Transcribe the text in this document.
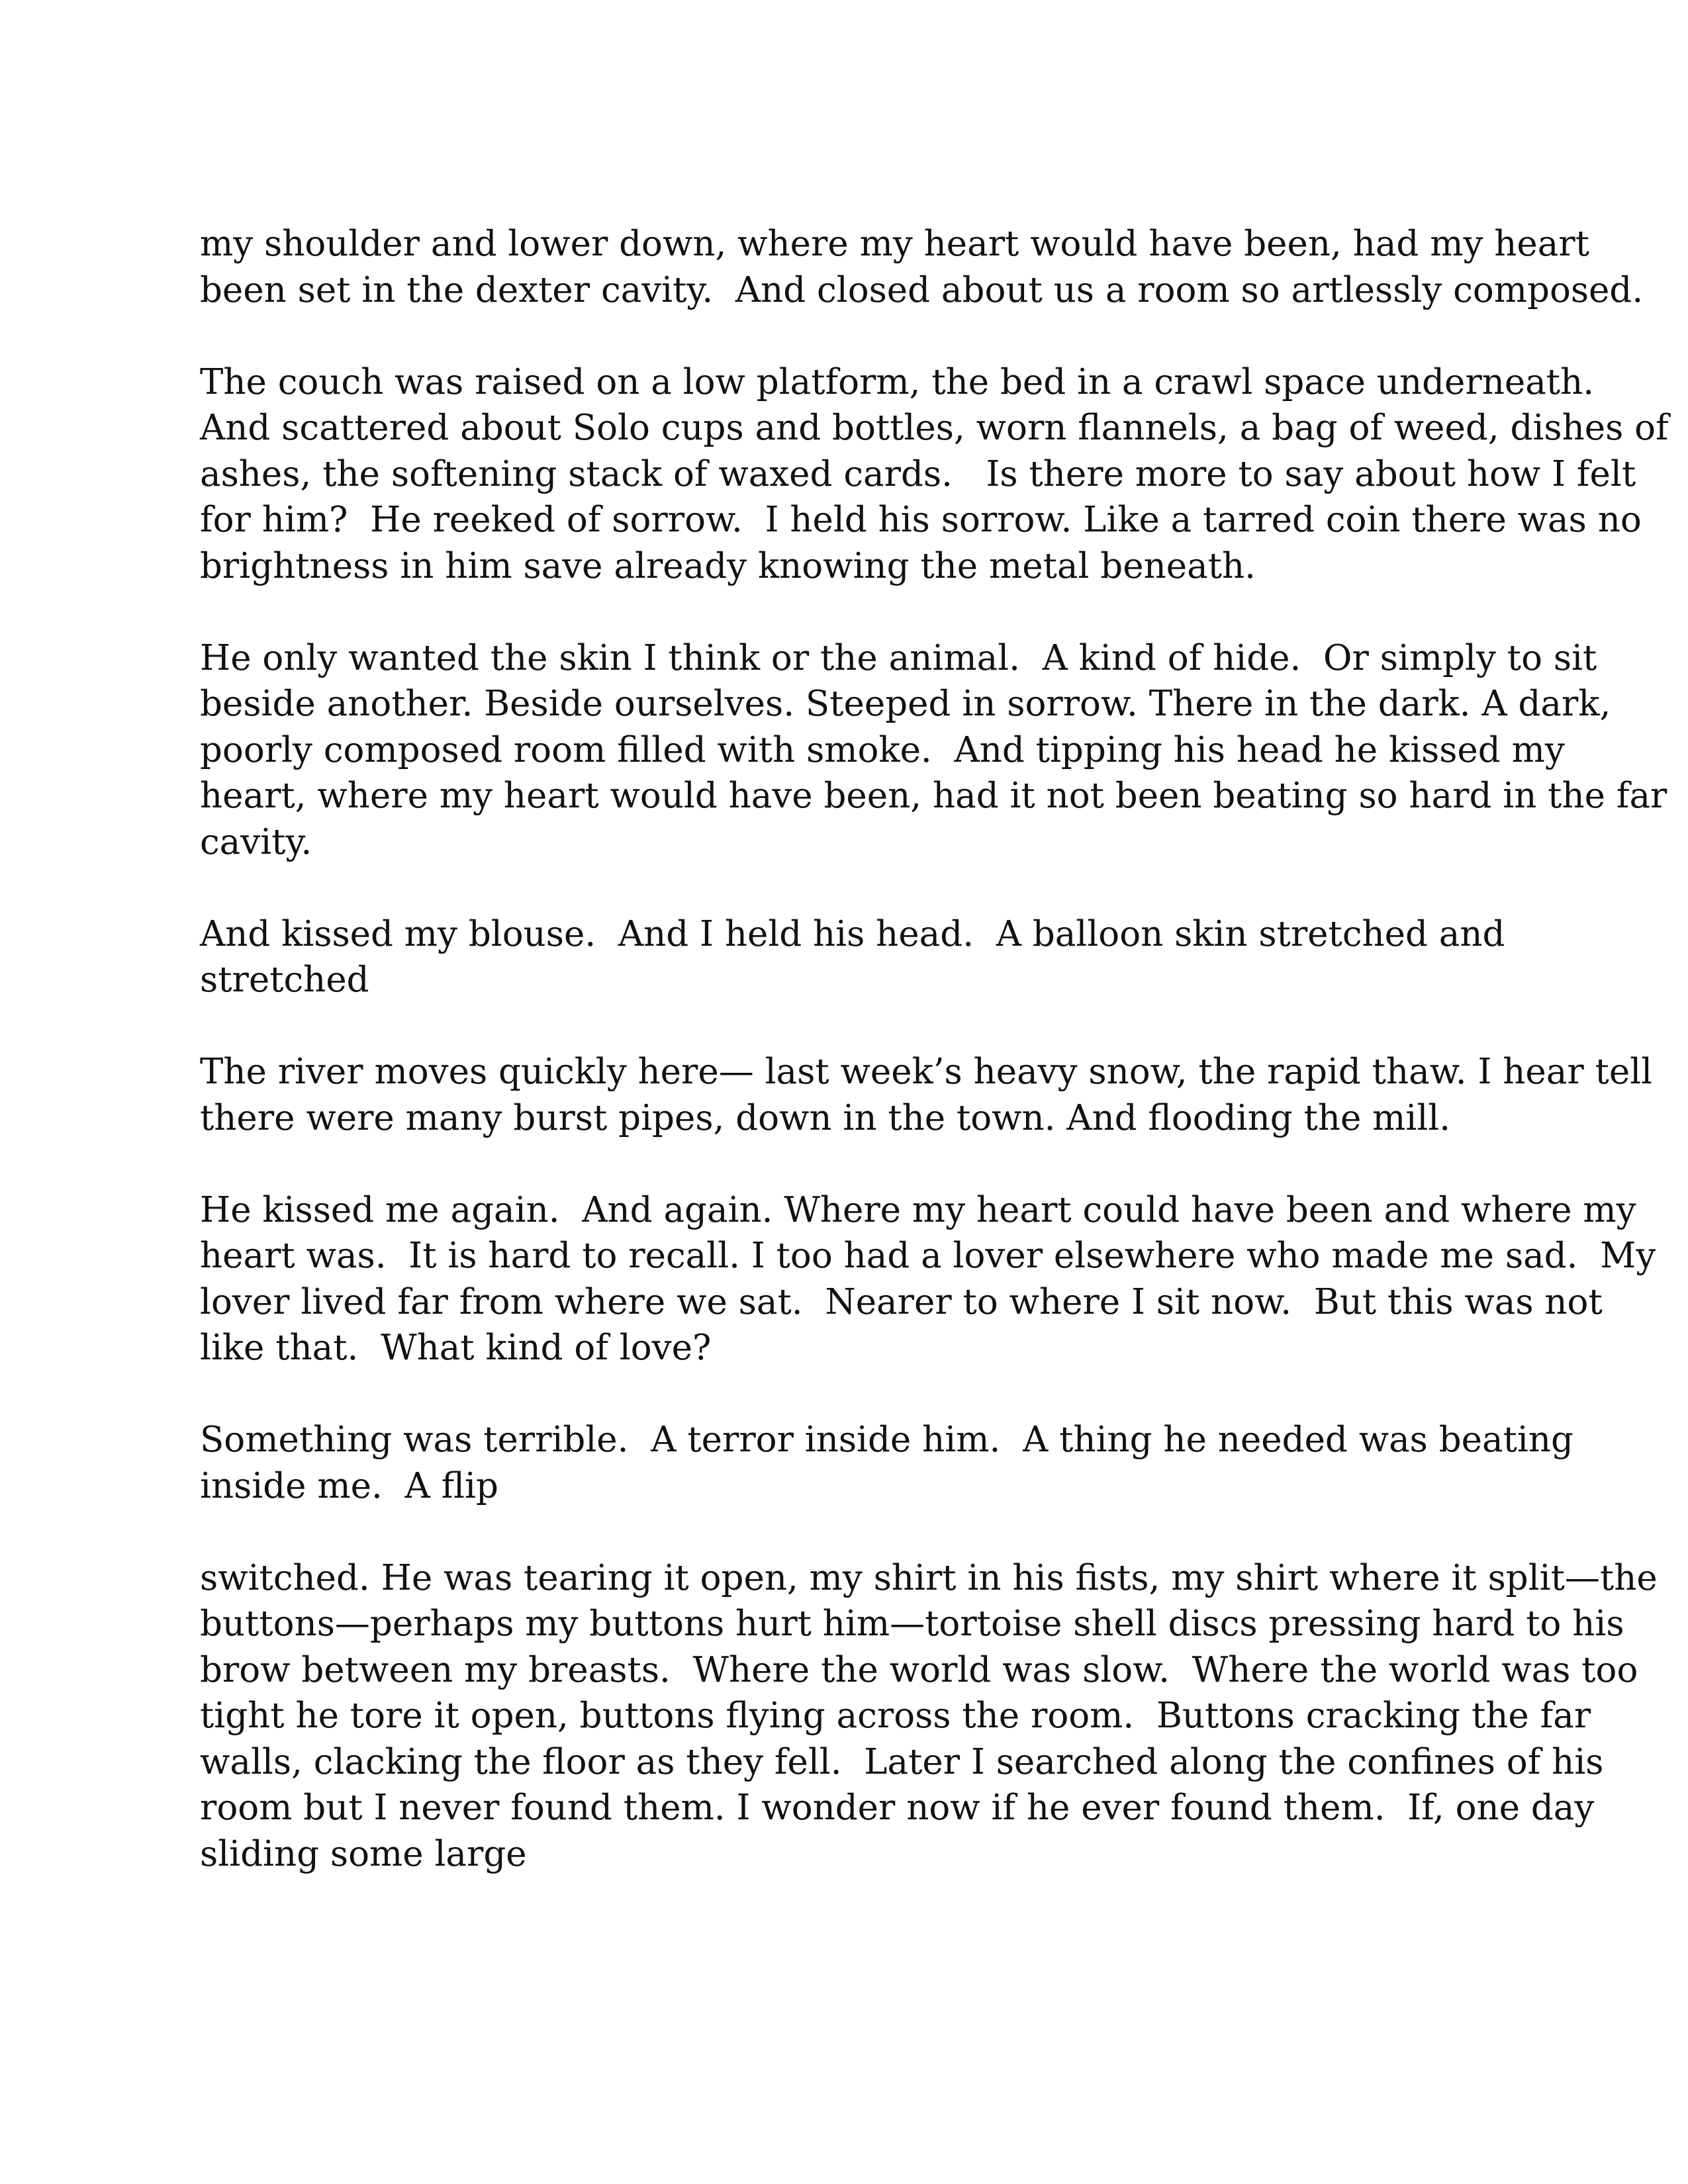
my shoulder and lower down, where my heart would have been, had my heart
been set in the dexter cavity.  And closed about us a room so artlessly composed.
The couch was raised on a low platform, the bed in a crawl space underneath.
And scattered about Solo cups and bottles, worn flannels, a bag of weed, dishes of
ashes, the softening stack of waxed cards.   Is there more to say about how I felt
for him?  He reeked of sorrow.  I held his sorrow. Like a tarred coin there was no
brightness in him save already knowing the metal beneath.
He only wanted the skin I think or the animal.  A kind of hide.  Or simply to sit
beside another. Beside ourselves. Steeped in sorrow. There in the dark. A dark,
poorly composed room filled with smoke.  And tipping his head he kissed my
heart, where my heart would have been, had it not been beating so hard in the far
cavity.
And kissed my blouse.  And I held his head.  A balloon skin stretched and
stretched
The river moves quickly here— last week’s heavy snow, the rapid thaw. I hear tell
there were many burst pipes, down in the town. And flooding the mill.
He kissed me again.  And again. Where my heart could have been and where my
heart was.  It is hard to recall. I too had a lover elsewhere who made me sad.  My
lover lived far from where we sat.  Nearer to where I sit now.  But this was not
like that.  What kind of love?
Something was terrible.  A terror inside him.  A thing he needed was beating
inside me.  A flip
switched. He was tearing it open, my shirt in his fists, my shirt where it split—the
buttons—perhaps my buttons hurt him—tortoise shell discs pressing hard to his
brow between my breasts.  Where the world was slow.  Where the world was too
tight he tore it open, buttons flying across the room.  Buttons cracking the far
walls, clacking the floor as they fell.  Later I searched along the confines of his
room but I never found them. I wonder now if he ever found them.  If, one day
sliding some large
